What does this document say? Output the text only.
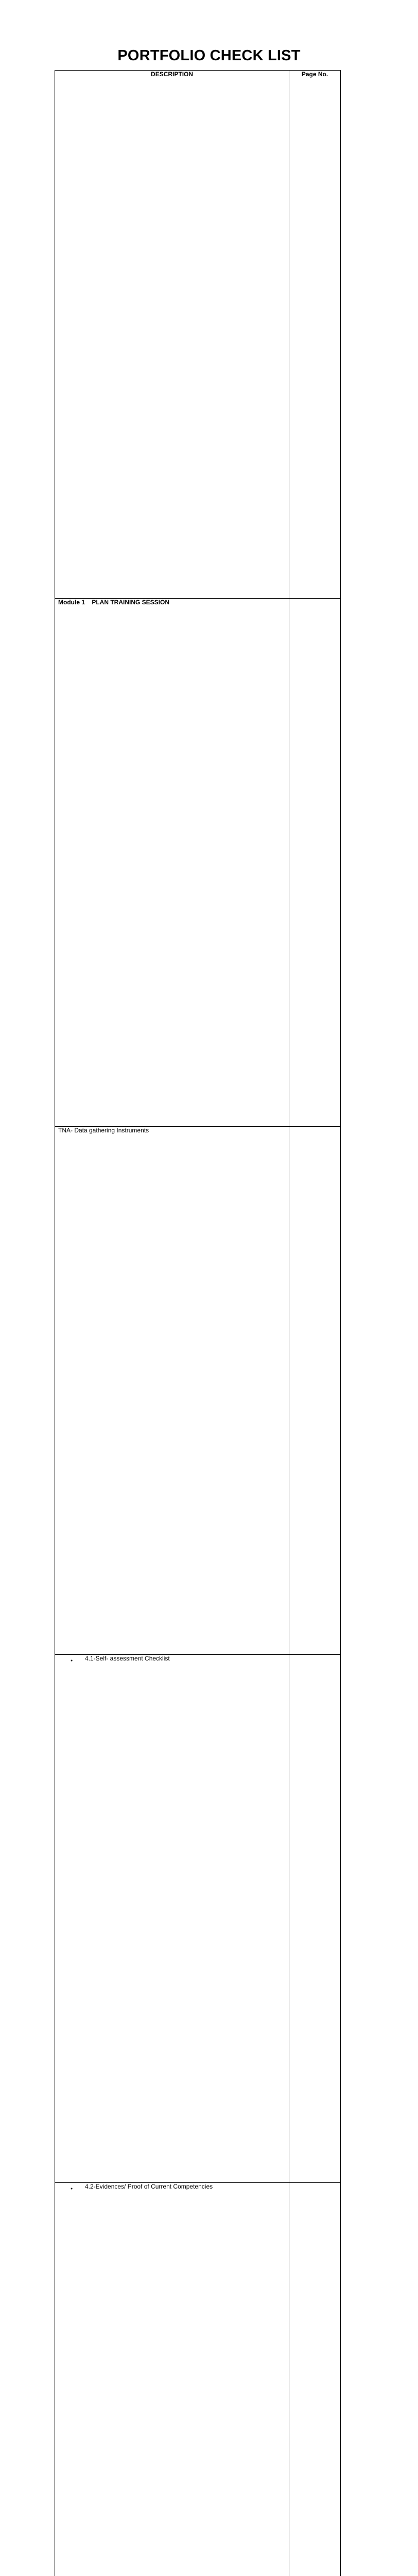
PORTFOLIO CHECK LIST
DESCRIPTION	Page No.
Module 1    PLAN TRAINING SESSION	
TNA- Data gathering Instruments	

● 4.1-Self- assessment Checklist	

● 4.2-Evidences/ Proof of Current Competencies	
